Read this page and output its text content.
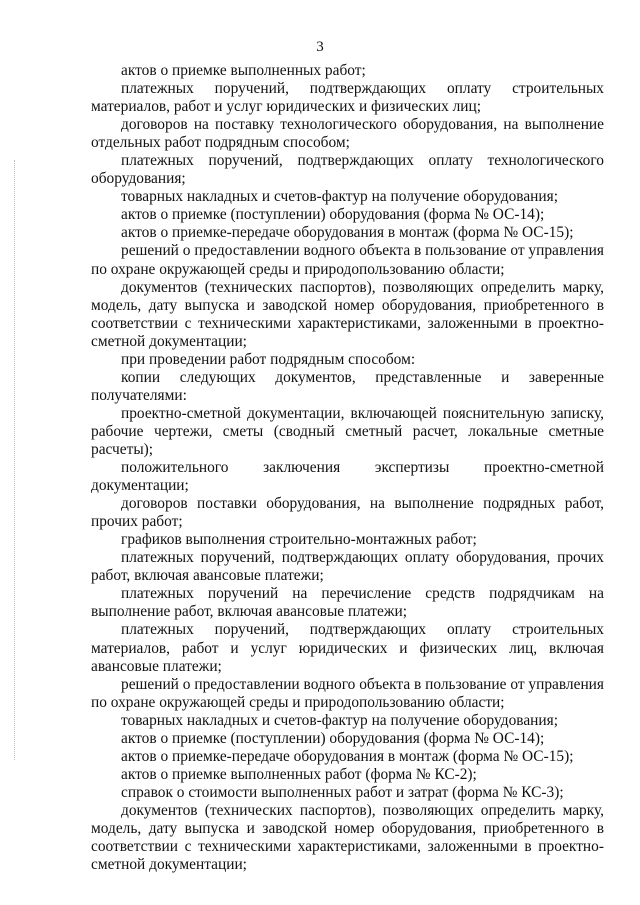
3

актов о приемке выполненных работ;

платежных поручений, подтверждающих оплату строительных материалов, работ и услуг юридических и физических лиц;

договоров на поставку технологического оборудования, на выполнение отдельных работ подрядным способом;

платежных поручений, подтверждающих оплату технологического оборудования;

товарных накладных и счетов-фактур на получение оборудования;

актов о приемке (поступлении) оборудования (форма № ОС-14);

актов о приемке-передаче оборудования в монтаж (форма № ОС-15);

решений о предоставлении водного объекта в пользование от управления по охране окружающей среды и природопользованию области;

документов (технических паспортов), позволяющих определить марку, модель, дату выпуска и заводской номер оборудования, приобретенного в соответствии с техническими характеристиками, заложенными в проектно-сметной документации;

при проведении работ подрядным способом:

копии следующих документов, представленные и заверенные получателями:

проектно-сметной документации, включающей пояснительную записку, рабочие чертежи, сметы (сводный сметный расчет, локальные сметные расчеты);

положительного заключения экспертизы проектно-сметной документации;

договоров поставки оборудования, на выполнение подрядных работ, прочих работ;

графиков выполнения строительно-монтажных работ;

платежных поручений, подтверждающих оплату оборудования, прочих работ, включая авансовые платежи;

платежных поручений на перечисление средств подрядчикам на выполнение работ, включая авансовые платежи;

платежных поручений, подтверждающих оплату строительных материалов, работ и услуг юридических и физических лиц, включая авансовые платежи;

решений о предоставлении водного объекта в пользование от управления по охране окружающей среды и природопользованию области;

товарных накладных и счетов-фактур на получение оборудования;

актов о приемке (поступлении) оборудования (форма № ОС-14);

актов о приемке-передаче оборудования в монтаж (форма № ОС-15);

актов о приемке выполненных работ (форма № КС-2);

справок о стоимости выполненных работ и затрат (форма № КС-3);

документов (технических паспортов), позволяющих определить марку, модель, дату выпуска и заводской номер оборудования, приобретенного в соответствии с техническими характеристиками, заложенными в проектно-сметной документации;
